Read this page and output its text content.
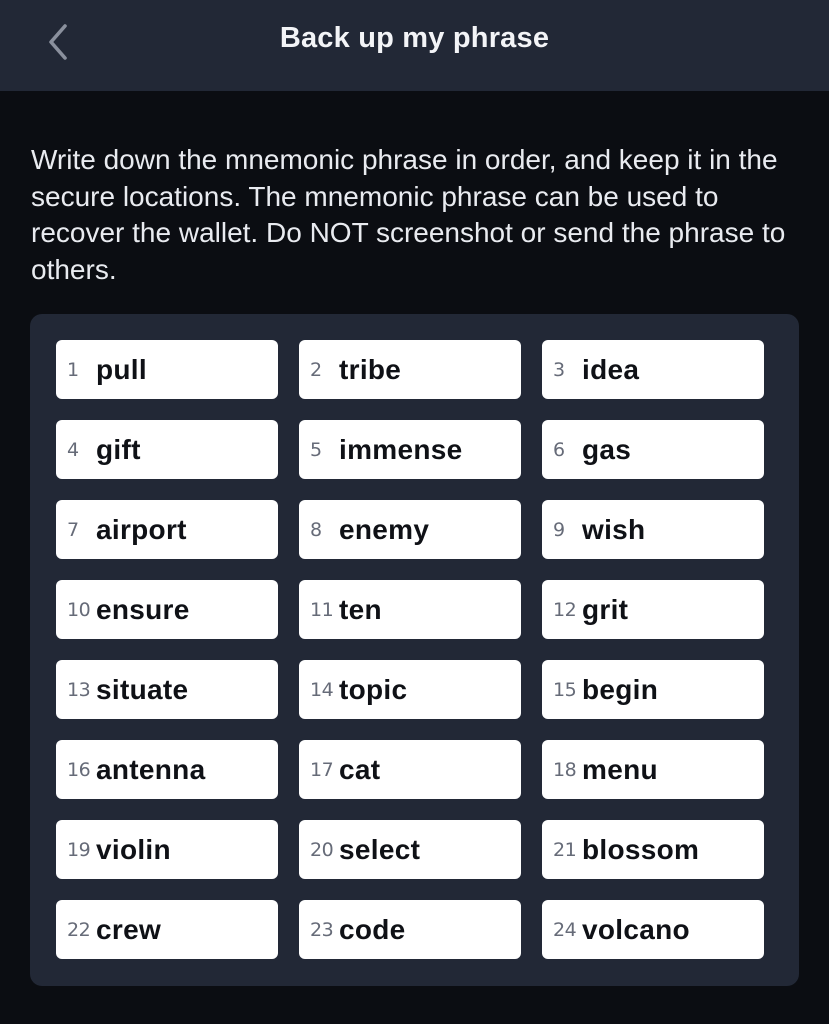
Back up my phrase

Write down the mnemonic phrase in order, and keep it in the secure locations. The mnemonic phrase can be used to recover the wallet. Do NOT screenshot or send the phrase to others.

1 pull	2 tribe	3 idea
4 gift	5 immense	6 gas
7 airport	8 enemy	9 wish
10 ensure	11 ten	12 grit
13 situate	14 topic	15 begin
16 antenna	17 cat	18 menu
19 violin	20 select	21 blossom
22 crew	23 code	24 volcano
